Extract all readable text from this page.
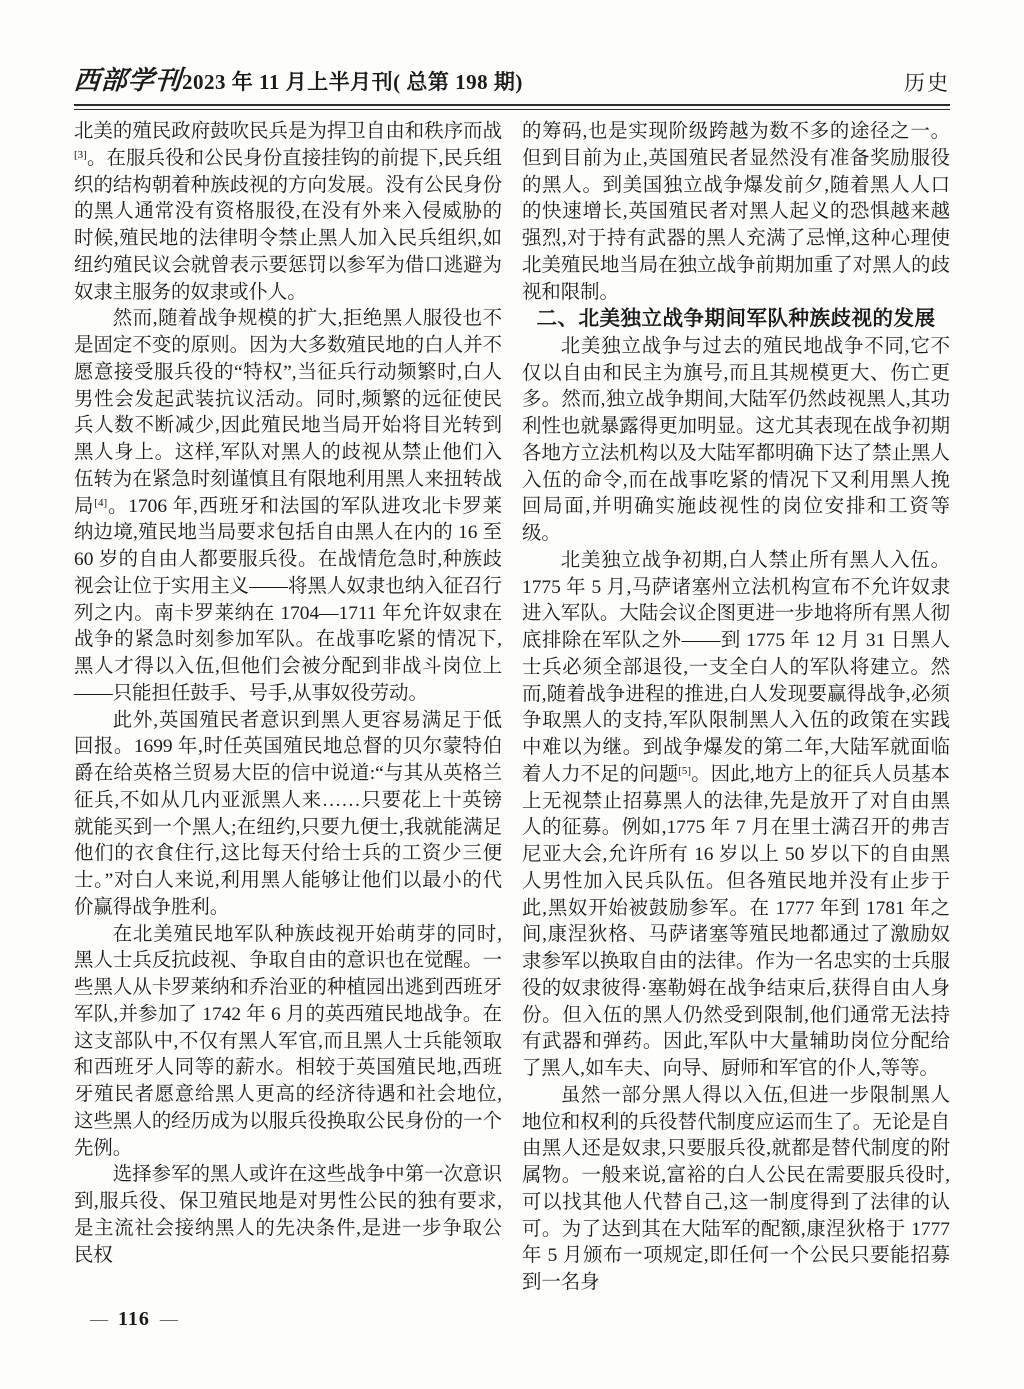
西部学刊 2023 年 11 月上半月刊( 总第 198 期)	历史

北美的殖民政府鼓吹民兵是为捍卫自由和秩序而战[3]。在服兵役和公民身份直接挂钩的前提下,民兵组织的结构朝着种族歧视的方向发展。没有公民身份的黑人通常没有资格服役,在没有外来入侵威胁的时候,殖民地的法律明令禁止黑人加入民兵组织,如纽约殖民议会就曾表示要惩罚以参军为借口逃避为奴隶主服务的奴隶或仆人。

然而,随着战争规模的扩大,拒绝黑人服役也不是固定不变的原则。因为大多数殖民地的白人并不愿意接受服兵役的“特权”,当征兵行动频繁时,白人男性会发起武装抗议活动。同时,频繁的远征使民兵人数不断减少,因此殖民地当局开始将目光转到黑人身上。这样,军队对黑人的歧视从禁止他们入伍转为在紧急时刻谨慎且有限地利用黑人来扭转战局[4]。1706 年,西班牙和法国的军队进攻北卡罗莱纳边境,殖民地当局要求包括自由黑人在内的 16 至 60 岁的自由人都要服兵役。在战情危急时,种族歧视会让位于实用主义——将黑人奴隶也纳入征召行列之内。南卡罗莱纳在 1704—1711 年允许奴隶在战争的紧急时刻参加军队。在战事吃紧的情况下,黑人才得以入伍,但他们会被分配到非战斗岗位上——只能担任鼓手、号手,从事奴役劳动。

此外,英国殖民者意识到黑人更容易满足于低回报。1699 年,时任英国殖民地总督的贝尔蒙特伯爵在给英格兰贸易大臣的信中说道:“与其从英格兰征兵,不如从几内亚派黑人来……只要花上十英镑就能买到一个黑人;在纽约,只要九便士,我就能满足他们的衣食住行,这比每天付给士兵的工资少三便士。”对白人来说,利用黑人能够让他们以最小的代价赢得战争胜利。

在北美殖民地军队种族歧视开始萌芽的同时,黑人士兵反抗歧视、争取自由的意识也在觉醒。一些黑人从卡罗莱纳和乔治亚的种植园出逃到西班牙军队,并参加了 1742 年 6 月的英西殖民地战争。在这支部队中,不仅有黑人军官,而且黑人士兵能领取和西班牙人同等的薪水。相较于英国殖民地,西班牙殖民者愿意给黑人更高的经济待遇和社会地位,这些黑人的经历成为以服兵役换取公民身份的一个先例。

选择参军的黑人或许在这些战争中第一次意识到,服兵役、保卫殖民地是对男性公民的独有要求,是主流社会接纳黑人的先决条件,是进一步争取公民权

的筹码,也是实现阶级跨越为数不多的途径之一。但到目前为止,英国殖民者显然没有准备奖励服役的黑人。到美国独立战争爆发前夕,随着黑人人口的快速增长,英国殖民者对黑人起义的恐惧越来越强烈,对于持有武器的黑人充满了忌惮,这种心理使北美殖民地当局在独立战争前期加重了对黑人的歧视和限制。

二、北美独立战争期间军队种族歧视的发展

北美独立战争与过去的殖民地战争不同,它不仅以自由和民主为旗号,而且其规模更大、伤亡更多。然而,独立战争期间,大陆军仍然歧视黑人,其功利性也就暴露得更加明显。这尤其表现在战争初期各地方立法机构以及大陆军都明确下达了禁止黑人入伍的命令,而在战事吃紧的情况下又利用黑人挽回局面,并明确实施歧视性的岗位安排和工资等级。

北美独立战争初期,白人禁止所有黑人入伍。1775 年 5 月,马萨诸塞州立法机构宣布不允许奴隶进入军队。大陆会议企图更进一步地将所有黑人彻底排除在军队之外——到 1775 年 12 月 31 日黑人士兵必须全部退役,一支全白人的军队将建立。然而,随着战争进程的推进,白人发现要赢得战争,必须争取黑人的支持,军队限制黑人入伍的政策在实践中难以为继。到战争爆发的第二年,大陆军就面临着人力不足的问题[5]。因此,地方上的征兵人员基本上无视禁止招募黑人的法律,先是放开了对自由黑人的征募。例如,1775 年 7 月在里士满召开的弗吉尼亚大会,允许所有 16 岁以上 50 岁以下的自由黑人男性加入民兵队伍。但各殖民地并没有止步于此,黑奴开始被鼓励参军。在 1777 年到 1781 年之间,康涅狄格、马萨诸塞等殖民地都通过了激励奴隶参军以换取自由的法律。作为一名忠实的士兵服役的奴隶彼得·塞勒姆在战争结束后,获得自由人身份。但入伍的黑人仍然受到限制,他们通常无法持有武器和弹药。因此,军队中大量辅助岗位分配给了黑人,如车夫、向导、厨师和军官的仆人,等等。

虽然一部分黑人得以入伍,但进一步限制黑人地位和权利的兵役替代制度应运而生了。无论是自由黑人还是奴隶,只要服兵役,就都是替代制度的附属物。一般来说,富裕的白人公民在需要服兵役时,可以找其他人代替自己,这一制度得到了法律的认可。为了达到其在大陆军的配额,康涅狄格于 1777 年 5 月颁布一项规定,即任何一个公民只要能招募到一名身

— 116 —
